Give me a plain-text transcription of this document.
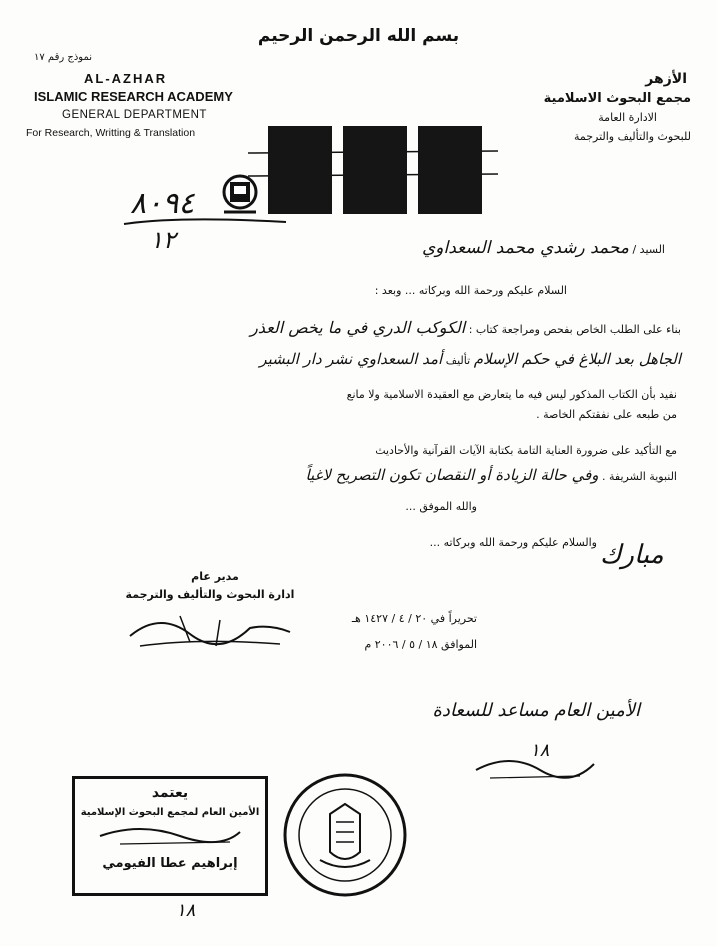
بسم الله الرحمن الرحيم
نموذج رقم ١٧
AL-AZHAR
ISLAMIC RESEARCH ACADEMY
GENERAL DEPARTMENT
For Research, Writting & Translation
الأزهر
مجمع البحوث الاسلامية
الادارة العامة
للبحوث والتأليف والترجمة
٨٠٩٤
١٢	السيد / محمد رشدي محمد السعداوي
السلام عليكم ورحمة الله وبركاته ... وبعد :
بناء على الطلب الخاص بفحص ومراجعة كتاب : الكوكب الدري في ما يخص العذر
الجاهل بعد البلاغ في حكم الإسلام تأليف أمد السعداوي نشر دار البشير
نفيد بأن الكتاب المذكور ليس فيه ما يتعارض مع العقيدة الاسلامية ولا مانع
من طبعه على نفقتكم الخاصة .
مع التأكيد على ضرورة العناية التامة بكتابة الآيات القرآنية والأحاديث
النبوية الشريفة . وفي حالة الزيادة أو النقصان تكون التصريح لاغياً
والله الموفق ...
والسلام عليكم ورحمة الله وبركاته ... مبارك
مدير عام
ادارة البحوث والتأليف والترجمة
تحريراً في ٢٠ / ٤ / ١٤٢٧ هـ
الموافق ١٨ / ٥ / ٢٠٠٦ م
الأمين العام مساعد للسعادة
١٨
يعتمد
الأمين العام لمجمع البحوث الإسلامية
إبراهيم عطا الفيومي
١٨
